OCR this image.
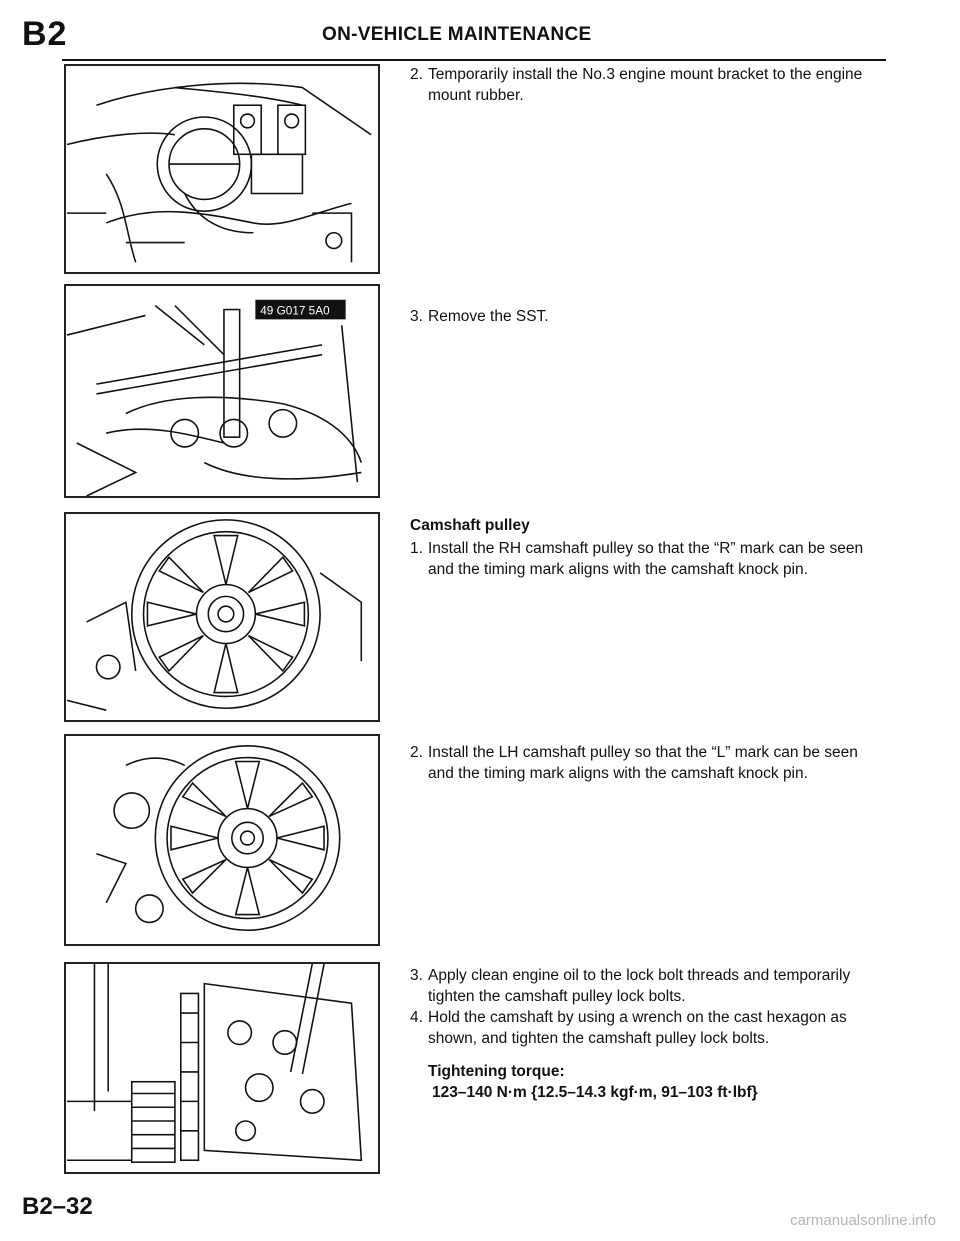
B2	ON-VEHICLE MAINTENANCE
49 G017 5A0
2. Temporarily install the No.3 engine mount bracket to the engine mount rubber.
3. Remove the SST.
Camshaft pulley
1. Install the RH camshaft pulley so that the “R” mark can be seen and the timing mark aligns with the camshaft knock pin.
2. Install the LH camshaft pulley so that the “L” mark can be seen and the timing mark aligns with the camshaft knock pin.
3. Apply clean engine oil to the lock bolt threads and temporarily tighten the camshaft pulley lock bolts.
4. Hold the camshaft by using a wrench on the cast hexagon as shown, and tighten the camshaft pulley lock bolts.
Tightening torque:
123–140 N·m {12.5–14.3 kgf·m, 91–103 ft·lbf}
B2–32
carmanualsonline.info
